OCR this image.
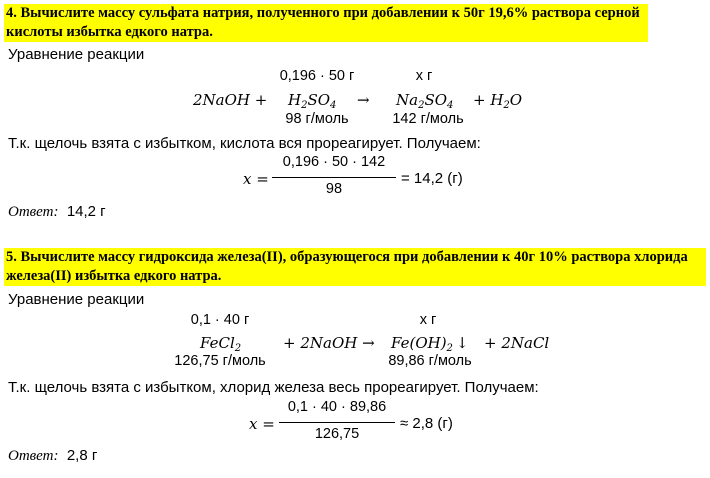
4. Вычислите массу сульфата натрия, полученного при добавлении к 50г 19,6% раствора серной кислоты избытка едкого натра.
Уравнение реакции
0,196 · 50 г	x г
2NaOH + $H_2SO_4 \to Na_2SO_4 + H_2O$
98 г/моль	142 г/моль
Т.к. щелочь взята с избытком, кислота вся прореагирует. Получаем:
x =
0,196 · 50 · 142
98
= 14,2 (г)
Ответ: 14,2 г
5. Вычислите массу гидроксида железа(II), образующегося при добавлении к 40г 10% раствора хлорида железа(II) избытка едкого натра.
Уравнение реакции
0,1 · 40 г	x г
FeCl$_2$	+ 2NaOH → $Fe(OH)_2$  ↓ + 2NaCl
126,75 г/моль	89,86 г/моль
Т.к. щелочь взята с избытком, хлорид железа весь прореагирует. Получаем:
x =
0,1 · 40 · 89,86
126,75
≈ 2,8 (г)
Ответ: 2,8 г
